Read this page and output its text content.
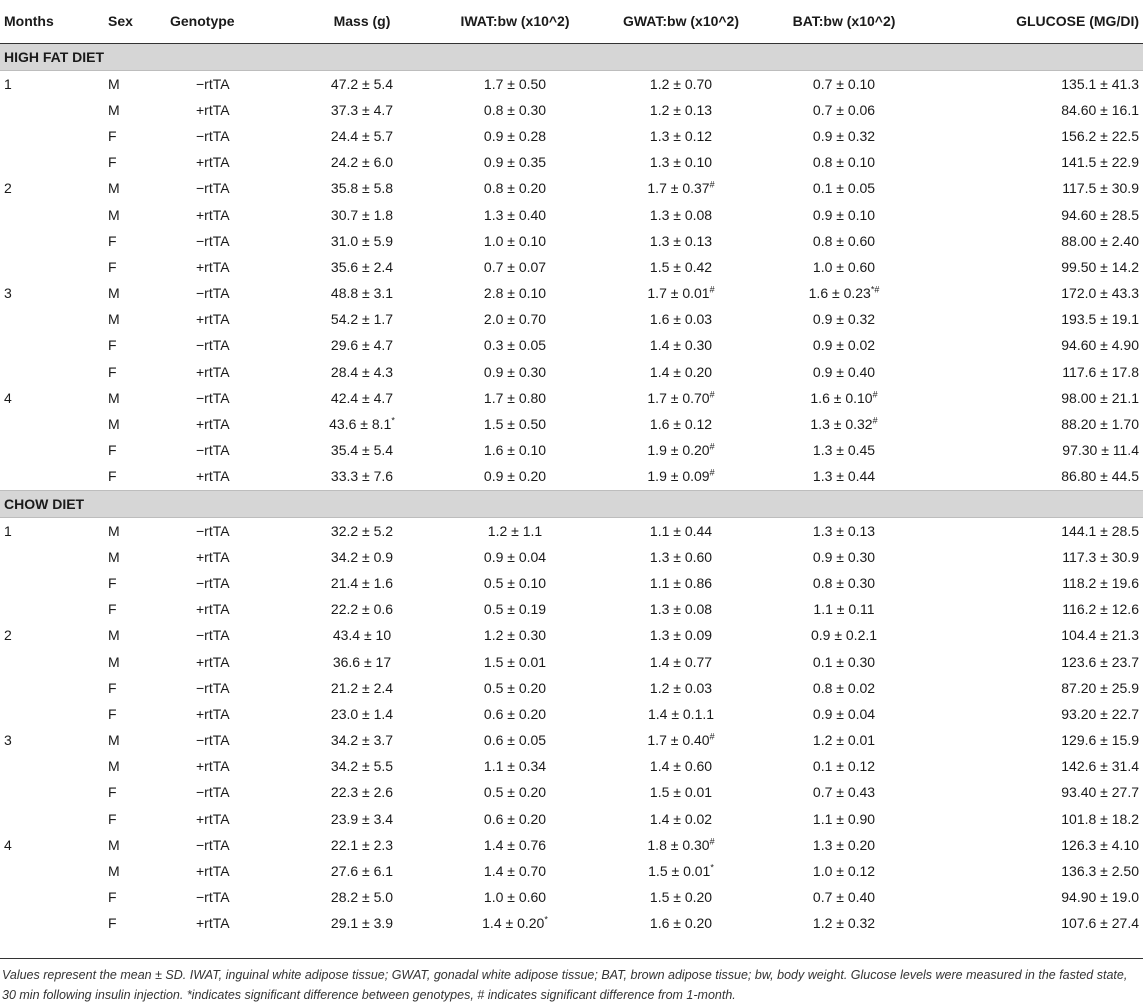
Months	Sex	Genotype	Mass (g)	IWAT:bw (x10^2)	GWAT:bw (x10^2)	BAT:bw (x10^2)	GLUCOSE (MG/DI)
HIGH FAT DIET							
1	M	−rtTA	47.2 ± 5.4	1.7 ± 0.50	1.2 ± 0.70	0.7 ± 0.10	135.1 ± 41.3
	M	+rtTA	37.3 ± 4.7	0.8 ± 0.30	1.2 ± 0.13	0.7 ± 0.06	84.60 ± 16.1
	F	−rtTA	24.4 ± 5.7	0.9 ± 0.28	1.3 ± 0.12	0.9 ± 0.32	156.2 ± 22.5
	F	+rtTA	24.2 ± 6.0	0.9 ± 0.35	1.3 ± 0.10	0.8 ± 0.10	141.5 ± 22.9
2	M	−rtTA	35.8 ± 5.8	0.8 ± 0.20	1.7 ± 0.37#	0.1 ± 0.05	117.5 ± 30.9
	M	+rtTA	30.7 ± 1.8	1.3 ± 0.40	1.3 ± 0.08	0.9 ± 0.10	94.60 ± 28.5
	F	−rtTA	31.0 ± 5.9	1.0 ± 0.10	1.3 ± 0.13	0.8 ± 0.60	88.00 ± 2.40
	F	+rtTA	35.6 ± 2.4	0.7 ± 0.07	1.5 ± 0.42	1.0 ± 0.60	99.50 ± 14.2
3	M	−rtTA	48.8 ± 3.1	2.8 ± 0.10	1.7 ± 0.01#	1.6 ± 0.23*#	172.0 ± 43.3
	M	+rtTA	54.2 ± 1.7	2.0 ± 0.70	1.6 ± 0.03	0.9 ± 0.32	193.5 ± 19.1
	F	−rtTA	29.6 ± 4.7	0.3 ± 0.05	1.4 ± 0.30	0.9 ± 0.02	94.60 ± 4.90
	F	+rtTA	28.4 ± 4.3	0.9 ± 0.30	1.4 ± 0.20	0.9 ± 0.40	117.6 ± 17.8
4	M	−rtTA	42.4 ± 4.7	1.7 ± 0.80	1.7 ± 0.70#	1.6 ± 0.10#	98.00 ± 21.1
	M	+rtTA	43.6 ± 8.1*	1.5 ± 0.50	1.6 ± 0.12	1.3 ± 0.32#	88.20 ± 1.70
	F	−rtTA	35.4 ± 5.4	1.6 ± 0.10	1.9 ± 0.20#	1.3 ± 0.45	97.30 ± 11.4
	F	+rtTA	33.3 ± 7.6	0.9 ± 0.20	1.9 ± 0.09#	1.3 ± 0.44	86.80 ± 44.5
CHOW DIET							
1	M	−rtTA	32.2 ± 5.2	1.2 ± 1.1	1.1 ± 0.44	1.3 ± 0.13	144.1 ± 28.5
	M	+rtTA	34.2 ± 0.9	0.9 ± 0.04	1.3 ± 0.60	0.9 ± 0.30	117.3 ± 30.9
	F	−rtTA	21.4 ± 1.6	0.5 ± 0.10	1.1 ± 0.86	0.8 ± 0.30	118.2 ± 19.6
	F	+rtTA	22.2 ± 0.6	0.5 ± 0.19	1.3 ± 0.08	1.1 ± 0.11	116.2 ± 12.6
2	M	−rtTA	43.4 ± 10	1.2 ± 0.30	1.3 ± 0.09	0.9 ± 0.2.1	104.4 ± 21.3
	M	+rtTA	36.6 ± 17	1.5 ± 0.01	1.4 ± 0.77	0.1 ± 0.30	123.6 ± 23.7
	F	−rtTA	21.2 ± 2.4	0.5 ± 0.20	1.2 ± 0.03	0.8 ± 0.02	87.20 ± 25.9
	F	+rtTA	23.0 ± 1.4	0.6 ± 0.20	1.4 ± 0.1.1	0.9 ± 0.04	93.20 ± 22.7
3	M	−rtTA	34.2 ± 3.7	0.6 ± 0.05	1.7 ± 0.40#	1.2 ± 0.01	129.6 ± 15.9
	M	+rtTA	34.2 ± 5.5	1.1 ± 0.34	1.4 ± 0.60	0.1 ± 0.12	142.6 ± 31.4
	F	−rtTA	22.3 ± 2.6	0.5 ± 0.20	1.5 ± 0.01	0.7 ± 0.43	93.40 ± 27.7
	F	+rtTA	23.9 ± 3.4	0.6 ± 0.20	1.4 ± 0.02	1.1 ± 0.90	101.8 ± 18.2
4	M	−rtTA	22.1 ± 2.3	1.4 ± 0.76	1.8 ± 0.30#	1.3 ± 0.20	126.3 ± 4.10
	M	+rtTA	27.6 ± 6.1	1.4 ± 0.70	1.5 ± 0.01*	1.0 ± 0.12	136.3 ± 2.50
	F	−rtTA	28.2 ± 5.0	1.0 ± 0.60	1.5 ± 0.20	0.7 ± 0.40	94.90 ± 19.0
	F	+rtTA	29.1 ± 3.9	1.4 ± 0.20*	1.6 ± 0.20	1.2 ± 0.32	107.6 ± 27.4
Values represent the mean ± SD. IWAT, inguinal white adipose tissue; GWAT, gonadal white adipose tissue; BAT, brown adipose tissue; bw, body weight. Glucose levels were measured in the fasted state, 30 min following insulin injection. *indicates significant difference between genotypes, # indicates significant difference from 1-month.
